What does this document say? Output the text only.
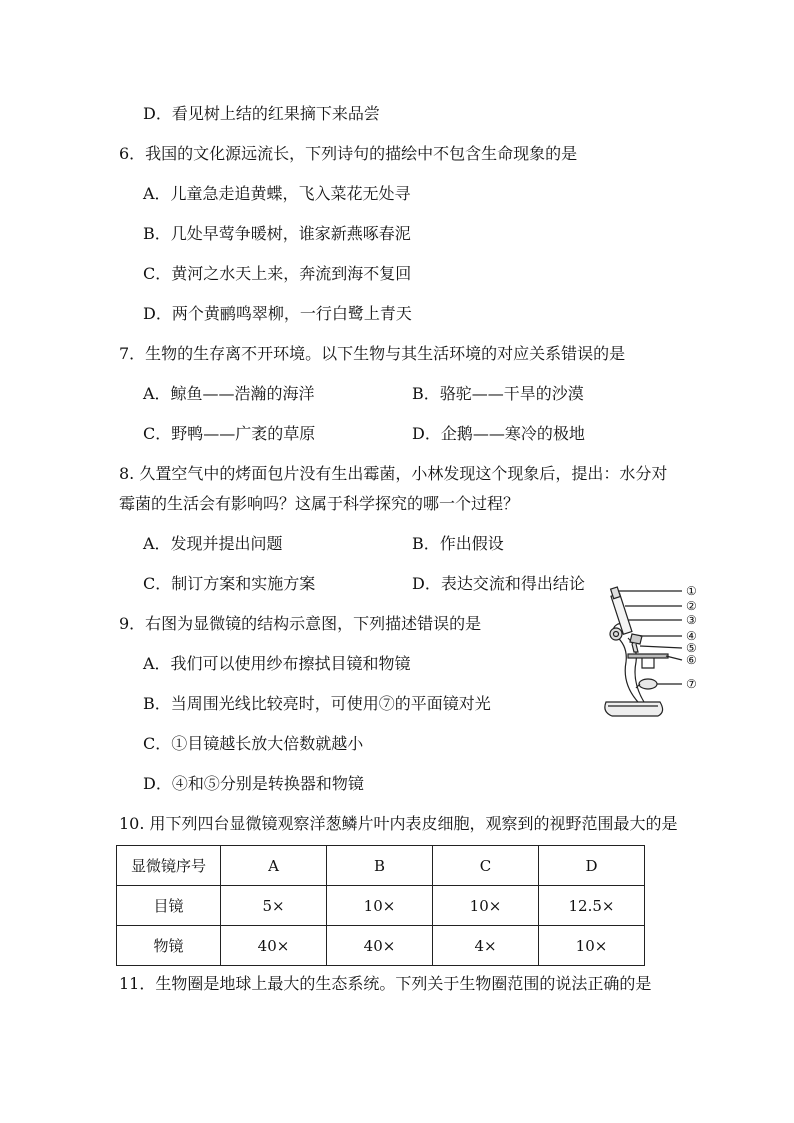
D．看见树上结的红果摘下来品尝
6．我国的文化源远流长，下列诗句的描绘中不包含生命现象的是
A．儿童急走追黄蝶，飞入菜花无处寻
B．几处早莺争暖树，谁家新燕啄春泥
C．黄河之水天上来，奔流到海不复回
D．两个黄鹂鸣翠柳，一行白鹭上青天
7．生物的生存离不开环境。以下生物与其生活环境的对应关系错误的是
A．鲸鱼——浩瀚的海洋	B．骆驼——干旱的沙漠
C．野鸭——广袤的草原	D．企鹅——寒冷的极地
8. 久置空气中的烤面包片没有生出霉菌，小林发现这个现象后，提出：水分对
霉菌的生活会有影响吗？这属于科学探究的哪一个过程？
A．发现并提出问题	B．作出假设
C．制订方案和实施方案	D．表达交流和得出结论
9．右图为显微镜的结构示意图，下列描述错误的是
A．我们可以使用纱布擦拭目镜和物镜
B．当周围光线比较亮时，可使用⑦的平面镜对光
C．①目镜越长放大倍数就越小
D．④和⑤分别是转换器和物镜
①
②
③
④
⑤
⑥
⑦
10. 用下列四台显微镜观察洋葱鳞片叶内表皮细胞，观察到的视野范围最大的是
显微镜序号	A	B	C	D
目镜	5×	10×	10×	12.5×
物镜	40×	40×	4×	10×
11．生物圈是地球上最大的生态系统。下列关于生物圈范围的说法正确的是
